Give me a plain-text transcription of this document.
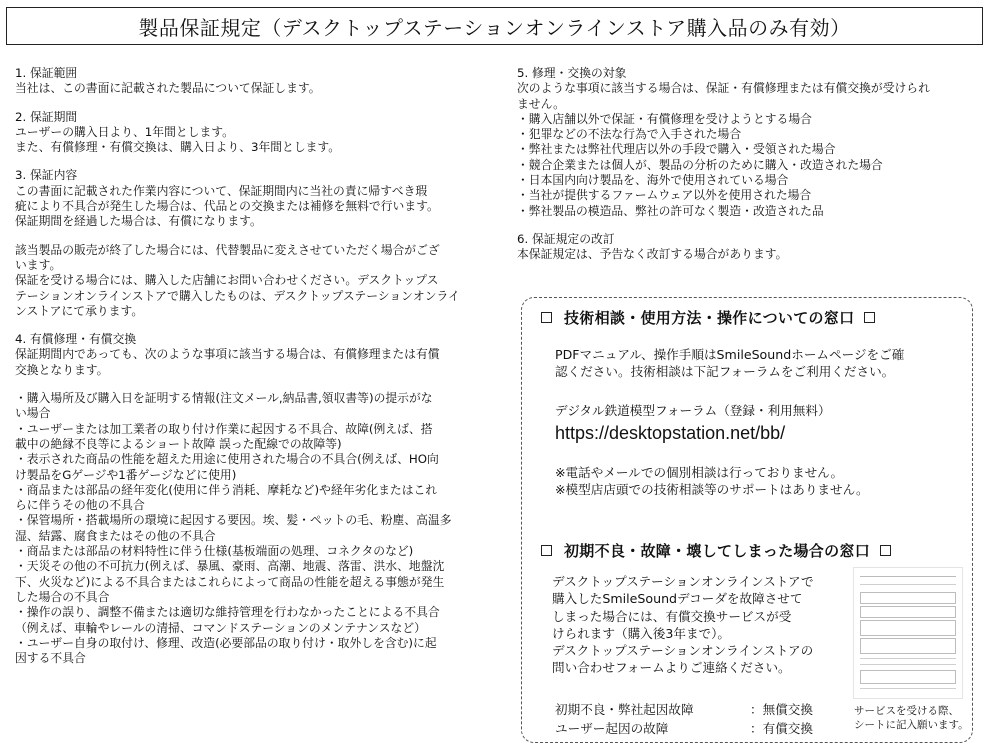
製品保証規定（デスクトップステーションオンラインストア購入品のみ有効）
1. 保証範囲
当社は、この書面に記載された製品について保証します。
2. 保証期間
ユーザーの購入日より、1年間とします。
また、有償修理・有償交換は、購入日より、3年間とします。
3. 保証内容
この書面に記載された作業内容について、保証期間内に当社の責に帰すべき瑕
疵により不具合が発生した場合は、代品との交換または補修を無料で行います。
保証期間を経過した場合は、有償になります。
該当製品の販売が終了した場合には、代替製品に変えさせていただく場合がござ
います。
保証を受ける場合には、購入した店舗にお問い合わせください。デスクトップス
テーションオンラインストアで購入したものは、デスクトップステーションオンライ
ンストアにて承ります。
4. 有償修理・有償交換
保証期間内であっても、次のような事項に該当する場合は、有償修理または有償
交換となります。
・購入場所及び購入日を証明する情報(注文メール,納品書,領収書等)の提示がな
い場合
・ユーザーまたは加工業者の取り付け作業に起因する不具合、故障(例えば、搭
載中の絶縁不良等によるショート故障 誤った配線での故障等)
・表示された商品の性能を超えた用途に使用された場合の不具合(例えば、HO向
け製品をGゲージや1番ゲージなどに使用)
・商品または部品の経年変化(使用に伴う消耗、摩耗など)や経年劣化またはこれ
らに伴うその他の不具合
・保管場所・搭載場所の環境に起因する要因。埃、髪・ペットの毛、粉塵、高温多
湿、結露、腐食またはその他の不具合
・商品または部品の材料特性に伴う仕様(基板端面の処理、コネクタのなど)
・天災その他の不可抗力(例えば、暴風、豪雨、高潮、地震、落雷、洪水、地盤沈
下、火災など)による不具合またはこれらによって商品の性能を超える事態が発生
した場合の不具合
・操作の誤り、調整不備または適切な維持管理を行わなかったことによる不具合
（例えば、車輪やレールの清掃、コマンドステーションのメンテナンスなど）
・ユーザー自身の取付け、修理、改造(必要部品の取り付け・取外しを含む)に起
因する不具合
5. 修理・交換の対象
次のような事項に該当する場合は、保証・有償修理または有償交換が受けられ
ません。
・購入店舗以外で保証・有償修理を受けようとする場合
・犯罪などの不法な行為で入手された場合
・弊社または弊社代理店以外の手段で購入・受領された場合
・競合企業または個人が、製品の分析のために購入・改造された場合
・日本国内向け製品を、海外で使用されている場合
・当社が提供するファームウェア以外を使用された場合
・弊社製品の模造品、弊社の許可なく製造・改造された品
6. 保証規定の改訂
本保証規定は、予告なく改訂する場合があります。
技術相談・使用方法・操作についての窓口
PDFマニュアル、操作手順はSmileSoundホームページをご確
認ください。技術相談は下記フォーラムをご利用ください。
デジタル鉄道模型フォーラム（登録・利用無料）
https://desktopstation.net/bb/
※電話やメールでの個別相談は行っておりません。
※模型店店頭での技術相談等のサポートはありません。
初期不良・故障・壊してしまった場合の窓口
デスクトップステーションオンラインストアで
購入したSmileSoundデコーダを故障させて
しまった場合には、有償交換サービスが受
けられます（購入後3年まで）。
デスクトップステーションオンラインストアの
問い合わせフォームよりご連絡ください。
初期不良・弊社起因故障	：無償交換
ユーザー起因の故障	：有償交換
サービスを受ける際、
シートに記入願います。
